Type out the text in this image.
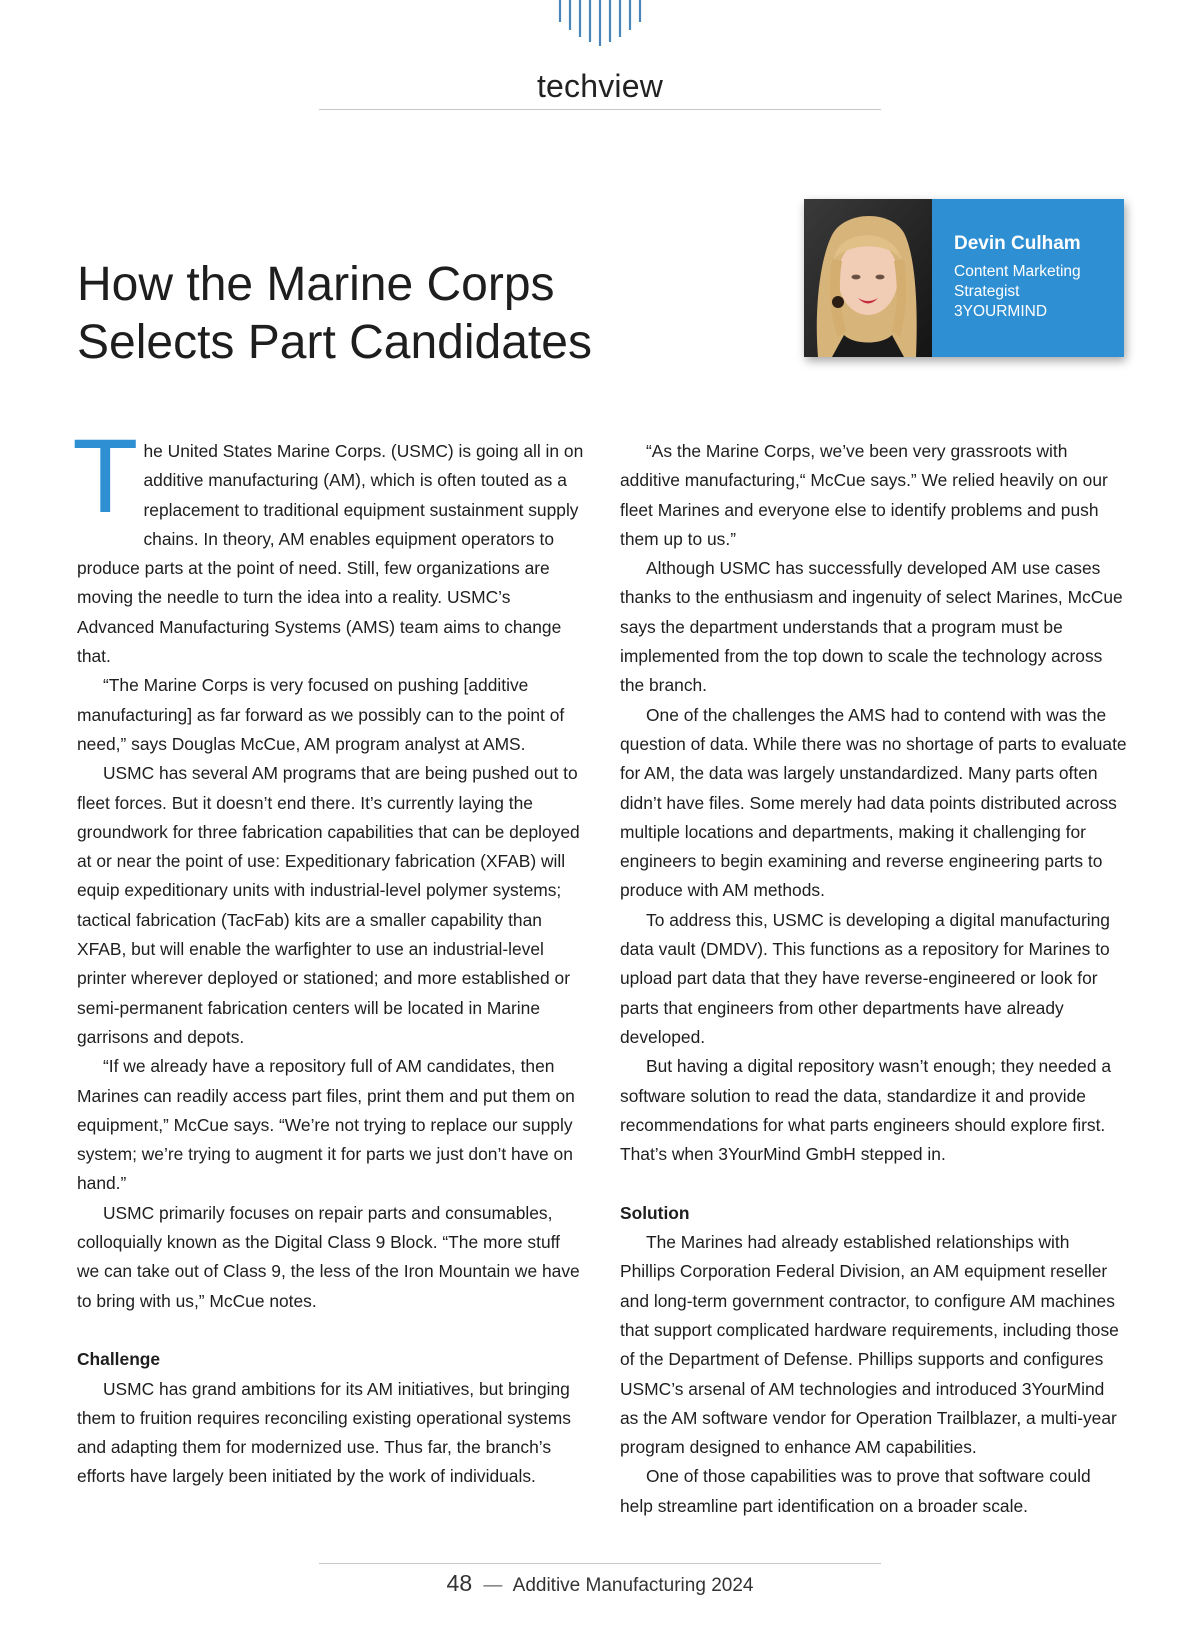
techview
How the Marine Corps
Selects Part Candidates
Devin Culham
Content Marketing
Strategist
3YOURMIND

The United States Marine Corps. (USMC) is going all in on additive manufacturing (AM), which is often touted as a replacement to traditional equipment sustainment supply chains. In theory, AM enables equipment operators to produce parts at the point of need. Still, few organizations are moving the needle to turn the idea into a reality. USMC’s Advanced Manufacturing Systems (AMS) team aims to change that.

“The Marine Corps is very focused on pushing [additive manufacturing] as far forward as we possibly can to the point of need,” says Douglas McCue, AM program analyst at AMS.

USMC has several AM programs that are being pushed out to fleet forces. But it doesn’t end there. It’s currently laying the groundwork for three fabrication capabilities that can be deployed at or near the point of use: Expeditionary fabrication (XFAB) will equip expeditionary units with industrial-level polymer systems; tactical fabrication (TacFab) kits are a smaller capability than XFAB, but will enable the warfighter to use an industrial-level printer wherever deployed or stationed; and more established or semi-permanent fabrication centers will be located in Marine garrisons and depots.

“If we already have a repository full of AM candidates, then Marines can readily access part files, print them and put them on equipment,” McCue says. “We’re not trying to replace our supply system; we’re trying to augment it for parts we just don’t have on hand.”

USMC primarily focuses on repair parts and consumables, colloquially known as the Digital Class 9 Block. “The more stuff we can take out of Class 9, the less of the Iron Mountain we have to bring with us,” McCue notes.

Challenge

USMC has grand ambitions for its AM initiatives, but bringing them to fruition requires reconciling existing operational systems and adapting them for modernized use. Thus far, the branch’s efforts have largely been initiated by the work of individuals.

“As the Marine Corps, we’ve been very grassroots with additive manufacturing,“ McCue says.” We relied heavily on our fleet Marines and everyone else to identify problems and push them up to us.”

Although USMC has successfully developed AM use cases thanks to the enthusiasm and ingenuity of select Marines, McCue says the department understands that a program must be implemented from the top down to scale the technology across the branch.

One of the challenges the AMS had to contend with was the question of data. While there was no shortage of parts to evaluate for AM, the data was largely unstandardized. Many parts often didn’t have files. Some merely had data points distributed across multiple locations and departments, making it challenging for engineers to begin examining and reverse engineering parts to produce with AM methods.

To address this, USMC is developing a digital manufacturing data vault (DMDV). This functions as a repository for Marines to upload part data that they have reverse-engineered or look for parts that engineers from other departments have already developed.

But having a digital repository wasn’t enough; they needed a software solution to read the data, standardize it and provide recommendations for what parts engineers should explore first. That’s when 3YourMind GmbH stepped in.

Solution

The Marines had already established relationships with Phillips Corporation Federal Division, an AM equipment reseller and long-term government contractor, to configure AM machines that support complicated hardware requirements, including those of the Department of Defense. Phillips supports and configures USMC’s arsenal of AM technologies and introduced 3YourMind as the AM software vendor for Operation Trailblazer, a multi-year program designed to enhance AM capabilities.

One of those capabilities was to prove that software could help streamline part identification on a broader scale.

48 — Additive Manufacturing 2024
